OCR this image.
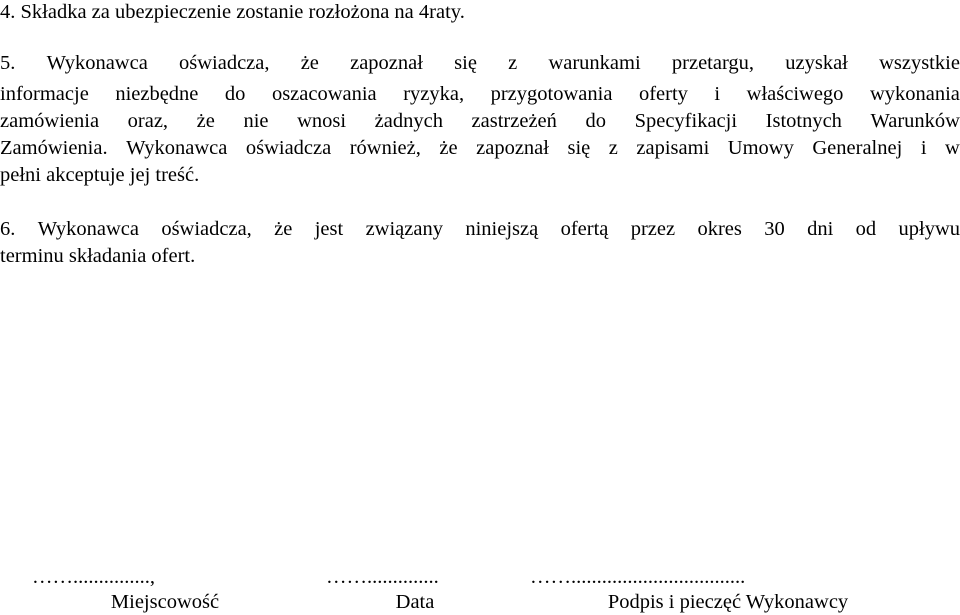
4. Składka za ubezpieczenie zostanie rozłożona na 4raty.

5. Wykonawca oświadcza, że zapoznał się z warunkami przetargu, uzyskał wszystkie
informacje niezbędne do oszacowania ryzyka, przygotowania oferty i właściwego wykonania
zamówienia oraz, że nie wnosi żadnych zastrzeżeń do Specyfikacji Istotnych Warunków
Zamówienia. Wykonawca oświadcza również, że zapoznał się z zapisami Umowy Generalnej i w
pełni akceptuje jej treść.
6. Wykonawca oświadcza, że jest związany niniejszą ofertą przez okres 30 dni od upływu
terminu składania ofert.
……...............,	……..............	……..................................
Miejscowość	Data	Podpis i pieczęć Wykonawcy
